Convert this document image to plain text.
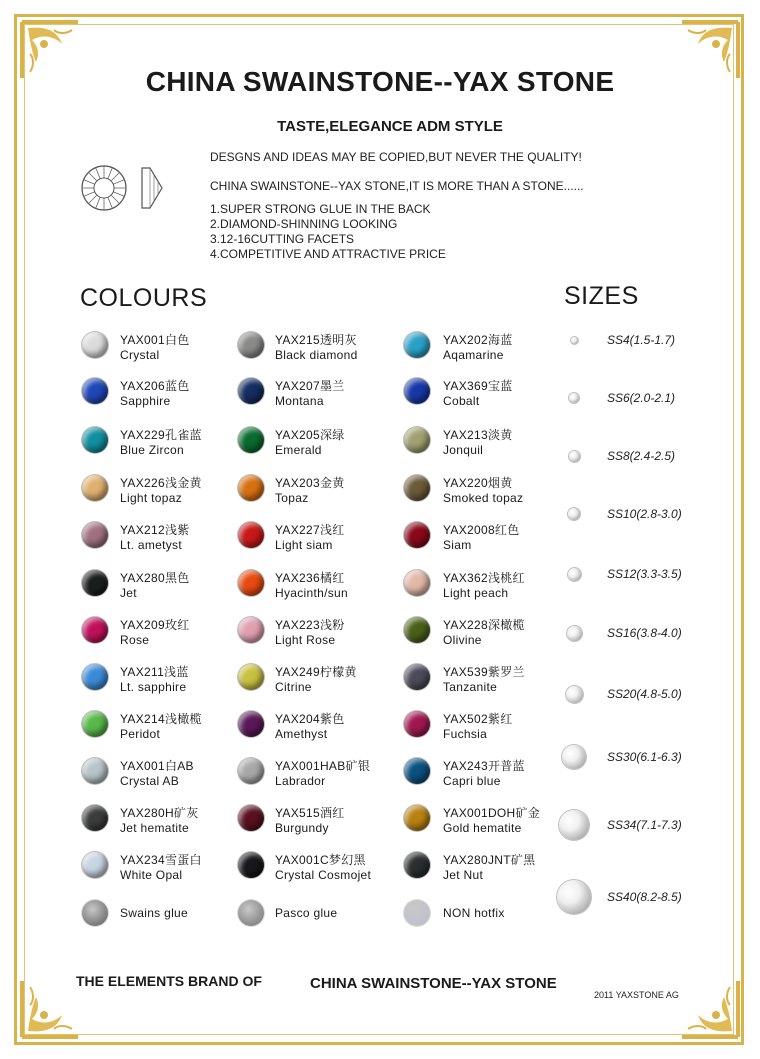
CHINA SWAINSTONE--YAX STONE
TASTE,ELEGANCE ADM STYLE
DESGNS AND IDEAS MAY BE COPIED,BUT NEVER THE QUALITY!
CHINA SWAINSTONE--YAX STONE,IT IS MORE THAN A STONE......
1.SUPER STRONG GLUE IN THE BACK
2.DIAMOND-SHINNING LOOKING
3.12-16CUTTING FACETS
4.COMPETITIVE AND ATTRACTIVE PRICE
COLOURS	SIZES
YAX001白色
Crystal
YAX206蓝色
Sapphire
YAX229孔雀蓝
Blue Zircon
YAX226浅金黄
Light topaz
YAX212浅紫
Lt. ametyst
YAX280黑色
Jet
YAX209玫红
Rose
YAX211浅蓝
Lt. sapphire
YAX214浅橄榄
Peridot
YAX001白AB
Crystal AB
YAX280H矿灰
Jet hematite
YAX234雪蛋白
White Opal
Swains glue
YAX215透明灰
Black diamond
YAX207墨兰
Montana
YAX205深绿
Emerald
YAX203金黄
Topaz
YAX227浅红
Light siam
YAX236橘红
Hyacinth/sun
YAX223浅粉
Light Rose
YAX249柠檬黄
Citrine
YAX204紫色
Amethyst
YAX001HAB矿银
Labrador
YAX515酒红
Burgundy
YAX001C梦幻黑
Crystal Cosmojet
Pasco glue
YAX202海蓝
Aqamarine
YAX369宝蓝
Cobalt
YAX213淡黄
Jonquil
YAX220烟黄
Smoked topaz
YAX2008红色
Siam
YAX362浅桃红
Light peach
YAX228深橄榄
Olivine
YAX539紫罗兰
Tanzanite
YAX502紫红
Fuchsia
YAX243开普蓝
Capri blue
YAX001DOH矿金
Gold hematite
YAX280JNT矿黑
Jet Nut
NON hotfix
SS4(1.5-1.7)
SS6(2.0-2.1)
SS8(2.4-2.5)
SS10(2.8-3.0)
SS12(3.3-3.5)
SS16(3.8-4.0)
SS20(4.8-5.0)
SS30(6.1-6.3)
SS34(7.1-7.3)
SS40(8.2-8.5)
THE ELEMENTS BRAND OF	CHINA SWAINSTONE--YAX STONE
2011 YAXSTONE AG
